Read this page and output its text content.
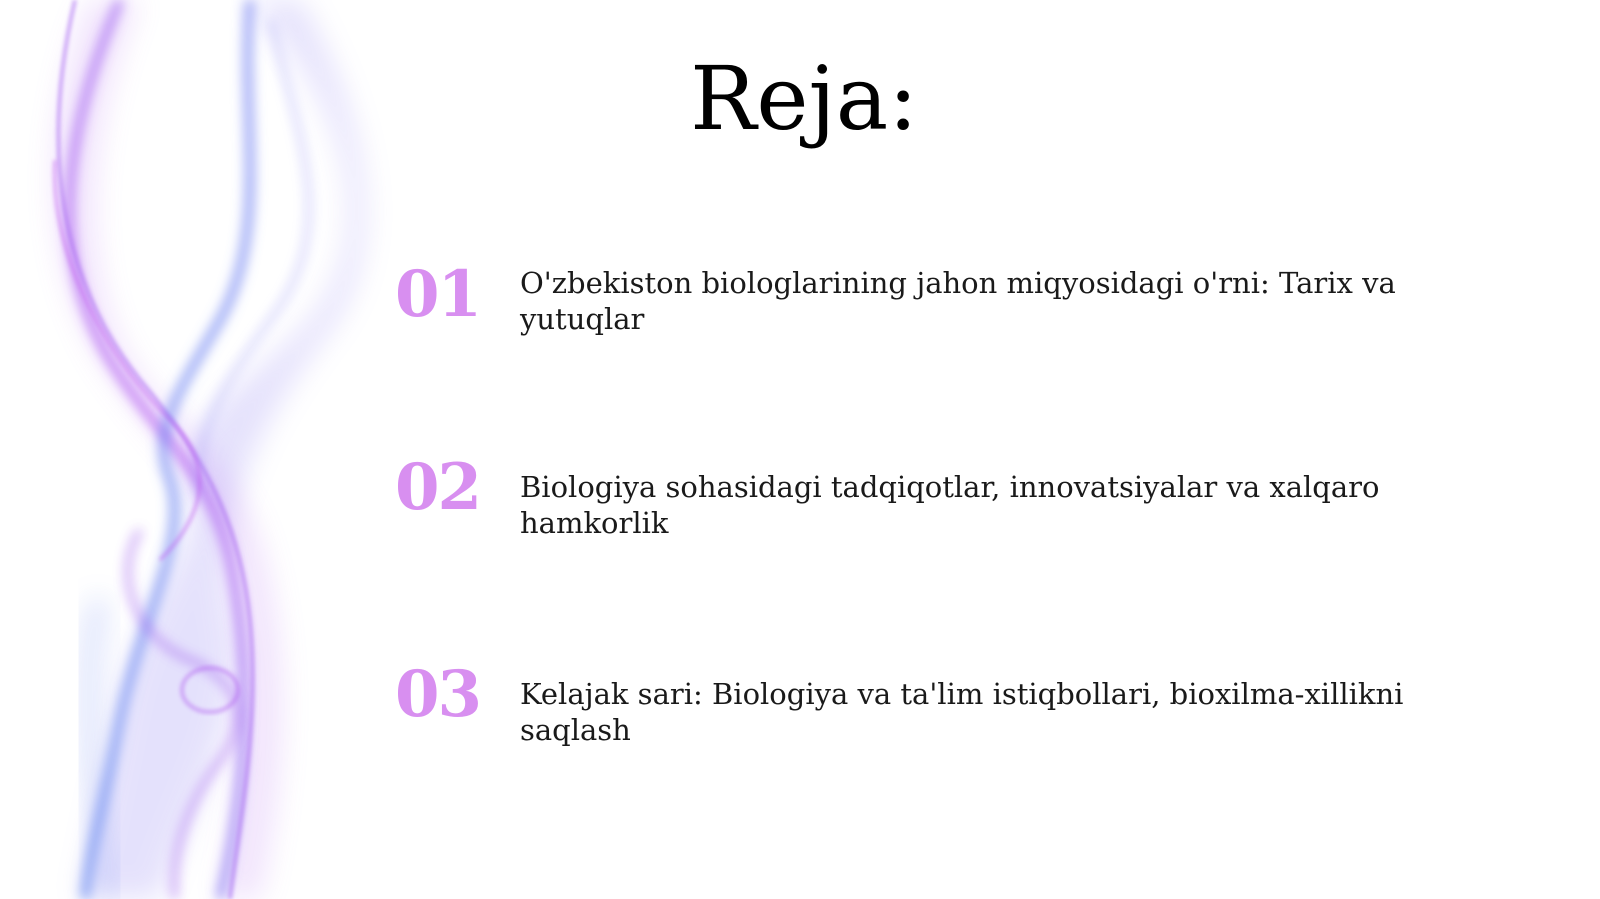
Reja:
01 O'zbekiston biologlarining jahon miqyosidagi o'rni: Tarix va yutuqlar
02 Biologiya sohasidagi tadqiqotlar, innovatsiyalar va xalqaro hamkorlik
03 Kelajak sari: Biologiya va ta'lim istiqbollari, bioxilma-xillikni saqlash
